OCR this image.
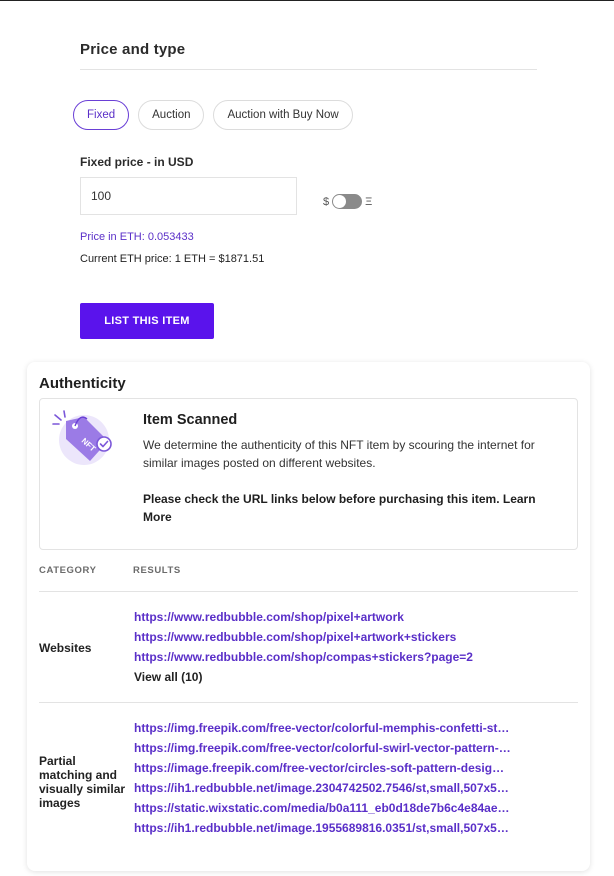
Price and type
Fixed	Auction	Auction with Buy Now
Fixed price - in USD
100
$	Ξ
Price in ETH: 0.053433
Current ETH price: 1 ETH = $1871.51
LIST THIS ITEM
Authenticity
NFT
Item Scanned
We determine the authenticity of this NFT item by scouring the internet for similar images posted on different websites.
Please check the URL links below before purchasing this item. Learn More
CATEGORY	RESULTS
Websites
https://www.redbubble.com/shop/pixel+artwork
https://www.redbubble.com/shop/pixel+artwork+stickers
https://www.redbubble.com/shop/compas+stickers?page=2
View all (10)
Partial matching and visually similar images
https://img.freepik.com/free-vector/colorful-memphis-confetti-st…
https://img.freepik.com/free-vector/colorful-swirl-vector-pattern-…
https://image.freepik.com/free-vector/circles-soft-pattern-desig…
https://ih1.redbubble.net/image.2304742502.7546/st,small,507x5…
https://static.wixstatic.com/media/b0a111_eb0d18de7b6c4e84ae…
https://ih1.redbubble.net/image.1955689816.0351/st,small,507x5…
